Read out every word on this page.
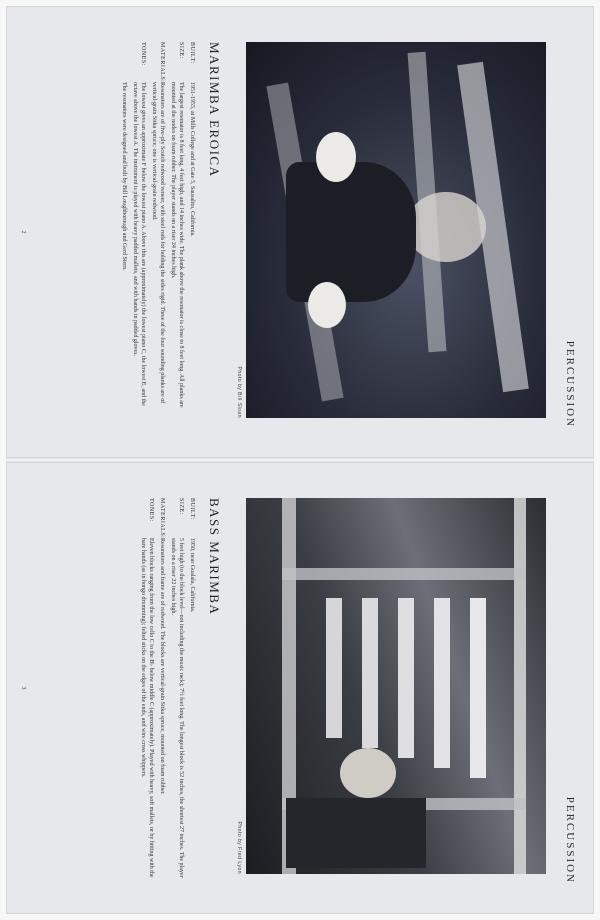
PERCUSSION
Photo by Bill Sloan
MARIMBA EROICA
BUILT:
1951-1955, at Mills College and at Gate 5, Sausalito, California.
SIZE:
The largest resonator is 8 feet long, 4 feet high, and 14 inches wide. The plank above the resonator is close to 8 feet long. All planks are mounted at the nodes on foam rubber. The player stands on a riser 24 inches high.
MATERIALS:
Resonators are of five-ply Scotch redwood veneer, with steel rods for holding the sides rigid. Three of the four sounding planks are of vertical-grain Sitka spruce; one is vertical-grain redwood.
TONES:
The lowest gives an approximate F below the lowest piano A. Above this are (approximately) the lowest piano C, the lowest E, and the octave above the lowest A. The instrument is played with heavy padded mallets, and with hands in padded gloves.
The resonators were designed and built by Bill Loughborough and Gerd Stern.
2
PERCUSSION
Photo by Fred Lyon
BASS MARIMBA
BUILT:
1950, near Gualala, California.
SIZE:
5 feet high (to the block level—not including the music rack); 7½ feet long. The longest block is 52 inches, the shortest 27 inches. The player stands on a riser 22 inches high.
MATERIALS:
Resonators and frame are of redwood. The blocks are vertical-grain Sitka spruce, mounted on foam rubber.
TONES:
Eleven blocks ranging from the low cello C to the B♭ below middle C (approximately). Played with heavy, soft mallets, or by hitting with the bare hands (as in bongo drumming); felted sticks on the edges of the ends, and wire cross whippers.
3
